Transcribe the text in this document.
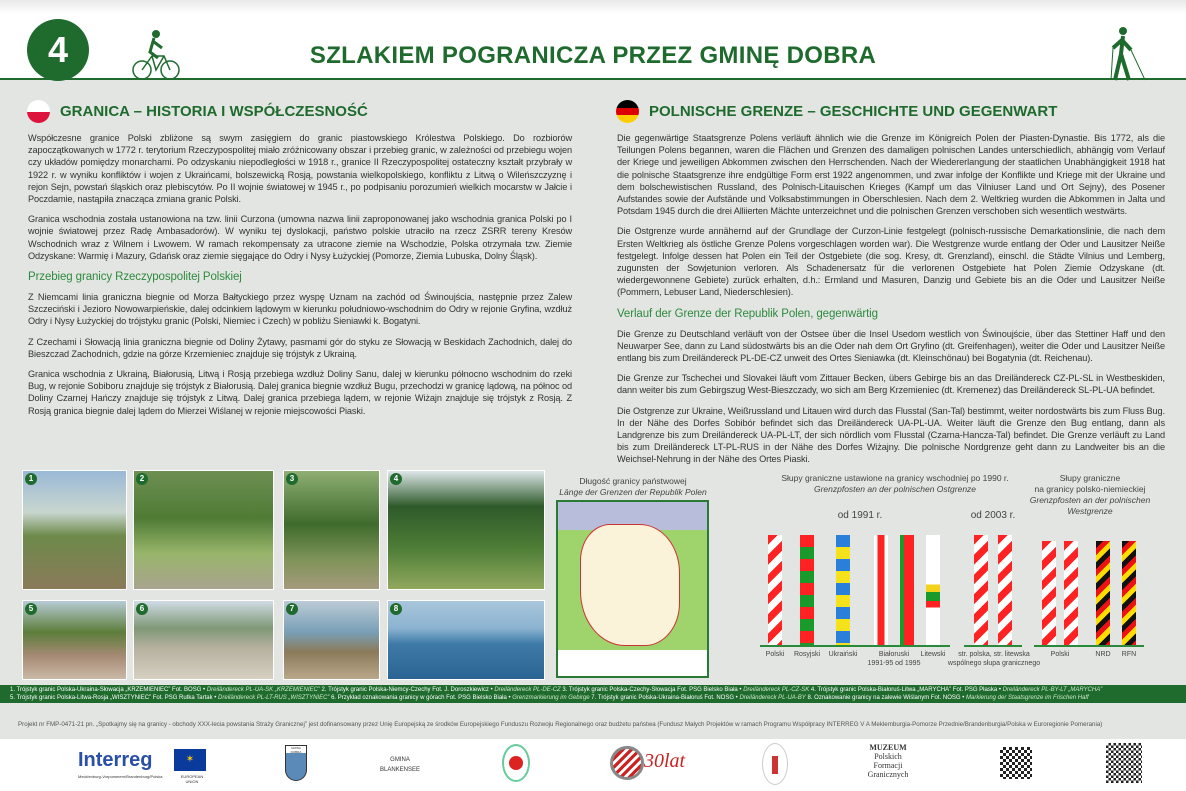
4	SZLAKIEM POGRANICZA PRZEZ GMINĘ DOBRA
GRANICA – HISTORIA I WSPÓŁCZESNOŚĆ	POLNISCHE GRENZE – GESCHICHTE UND GEGENWART

Współczesne granice Polski zbliżone są swym zasięgiem do granic piastowskiego Królestwa Polskiego. Do rozbiorów zapoczątkowanych w 1772 r. terytorium Rzeczypospolitej miało zróżnicowany obszar i przebieg granic, w zależności od przebiegu wojen czy układów pomiędzy monarchami. Po odzyskaniu niepodległości w 1918 r., granice II Rzeczypospolitej ostateczny kształt przybrały w 1922 r. w wyniku konfliktów i wojen z Ukraińcami, bolszewicką Rosją, powstania wielkopolskiego, konfliktu z Litwą o Wileńszczyznę i rejon Sejn, powstań śląskich oraz plebiscytów. Po II wojnie światowej w 1945 r., po podpisaniu porozumień wielkich mocarstw w Jałcie i Poczdamie, nastąpiła znacząca zmiana granic Polski.

Granica wschodnia została ustanowiona na tzw. linii Curzona (umowna nazwa linii zaproponowanej jako wschodnia granica Polski po I wojnie światowej przez Radę Ambasadorów). W wyniku tej dyslokacji, państwo polskie utraciło na rzecz ZSRR tereny Kresów Wschodnich wraz z Wilnem i Lwowem. W ramach rekompensaty za utracone ziemie na Wschodzie, Polska otrzymała tzw. Ziemie Odzyskane: Warmię i Mazury, Gdańsk oraz ziemie sięgające do Odry i Nysy Łużyckiej (Pomorze, Ziemia Lubuska, Dolny Śląsk).

Przebieg granicy Rzeczypospolitej Polskiej

Z Niemcami linia graniczna biegnie od Morza Bałtyckiego przez wyspę Uznam na zachód od Świnoujścia, następnie przez Zalew Szczeciński i Jezioro Nowowarpieńskie, dalej odcinkiem lądowym w kierunku południowo-wschodnim do Odry w rejonie Gryfina, wzdłuż Odry i Nysy Łużyckiej do trójstyku granic (Polski, Niemiec i Czech) w pobliżu Sieniawki k. Bogatyni.

Z Czechami i Słowacją linia graniczna biegnie od Doliny Żytawy, pasmami gór do styku ze Słowacją w Beskidach Zachodnich, dalej do Bieszczad Zachodnich, gdzie na górze Krzemieniec znajduje się trójstyk z Ukrainą.

Granica wschodnia z Ukrainą, Białorusią, Litwą i Rosją przebiega wzdłuż Doliny Sanu, dalej w kierunku północno wschodnim do rzeki Bug, w rejonie Sobiboru znajduje się trójstyk z Białorusią. Dalej granica biegnie wzdłuż Bugu, przechodzi w granicę lądową, na północ od Doliny Czarnej Hańczy znajduje się trójstyk z Litwą. Dalej granica przebiega lądem, w rejonie Wiżajn znajduje się trójstyk z Rosją. Z Rosją granica biegnie dalej lądem do Mierzei Wiślanej w rejonie miejscowości Piaski.

Die gegenwärtige Staatsgrenze Polens verläuft ähnlich wie die Grenze im Königreich Polen der Piasten-Dynastie. Bis 1772, als die Teilungen Polens begannen, waren die Flächen und Grenzen des damaligen polnischen Landes unterschiedlich, abhängig vom Verlauf der Kriege und jeweiligen Abkommen zwischen den Herrschenden. Nach der Wiedererlangung der staatlichen Unabhängigkeit 1918 hat die polnische Staatsgrenze ihre endgültige Form erst 1922 angenommen, und zwar infolge der Konflikte und Kriege mit der Ukraine und dem bolschewistischen Russland, des Polnisch-Litauischen Krieges (Kampf um das Vilniuser Land und Ort Sejny), des Posener Aufstandes sowie der Aufstände und Volksabstimmungen in Oberschlesien. Nach dem 2. Weltkrieg wurden die Abkommen in Jalta und Potsdam 1945 durch die drei Alliierten Mächte unterzeichnet und die polnischen Grenzen verschoben sich wesentlich westwärts.

Die Ostgrenze wurde annähernd auf der Grundlage der Curzon-Linie festgelegt (polnisch-russische Demarkationslinie, die nach dem Ersten Weltkrieg als östliche Grenze Polens vorgeschlagen worden war). Die Westgrenze wurde entlang der Oder und Lausitzer Neiße festgelegt. Infolge dessen hat Polen ein Teil der Ostgebiete (die sog. Kresy, dt. Grenzland), einschl. die Städte Vilnius und Lemberg, zugunsten der Sowjetunion verloren. Als Schadenersatz für die verlorenen Ostgebiete hat Polen Ziemie Odzyskane (dt. wiedergewonnene Gebiete) zurück erhalten, d.h.: Ermland und Masuren, Danzig und Gebiete bis an die Oder und Lausitzer Neiße (Pommern, Lebuser Land, Niederschlesien).

Verlauf der Grenze der Republik Polen, gegenwärtig

Die Grenze zu Deutschland verläuft von der Ostsee über die Insel Usedom westlich von Świnoujście, über das Stettiner Haff und den Neuwarper See, dann zu Land südostwärts bis an die Oder nah dem Ort Gryfino (dt. Greifenhagen), weiter die Oder und Lausitzer Neiße entlang bis zum Dreiländereck PL-DE-CZ unweit des Ortes Sieniawka (dt. Kleinschönau) bei Bogatynia (dt. Reichenau).

Die Grenze zur Tschechei und Slovakei läuft vom Zittauer Becken, übers Gebirge bis an das Dreiländereck CZ-PL-SL in Westbeskiden, dann weiter bis zum Gebirgszug West-Bieszczady, wo sich am Berg Krzemieniec (dt. Kremenez) das Dreiländereck SL-PL-UA befindet.

Die Ostgrenze zur Ukraine, Weißrussland und Litauen wird durch das Flusstal (San-Tal) bestimmt, weiter nordostwärts bis zum Fluss Bug. In der Nähe des Dorfes Sobibór befindet sich das Dreiländereck UA-PL-UA. Weiter läuft die Grenze den Bug entlang, dann als Landgrenze bis zum Dreiländereck UA-PL-LT, der sich nördlich vom Flusstal (Czarna-Hancza-Tal) befindet. Die Grenze verläuft zu Land bis zum Dreiländereck LT-PL-RUS in der Nähe des Dorfes Wiżajny. Die polnische Nordgrenze geht dann zu Landweiter bis an die Weichsel-Nehrung in der Nähe des Ortes Piaski.

1	2	3	4
5	6	7	8
Długość granicy państwowej
Länge der Grenzen der Republik Polen
Słupy graniczne ustawione na granicy wschodniej po 1990 r.
Grenzpfosten an der polnischen Ostgrenze
Słupy graniczne
na granicy polsko-niemieckiej
Grenzpfosten an der polnischen Westgrenze
od 1991 r.	od 2003 r.
Polski Rosyjski Ukraiński	Białoruski
1991-95 od 1995
Litewski	str. polska, str. litewska
wspólnego słupa granicznego
Polski	NRD RFN
1. Trójstyk granic Polska-Ukraina-Słowacja „KRZEMIENIEC” Fot. BOSG • Dreiländereck PL-UA-SK „KRZEMIENIEC” 2. Trójstyk granic Polska-Niemcy-Czechy Fot. J. Doroszkiewicz • Dreiländereck PL-DE-CZ 3. Trójstyk granic Polska-Czechy-Słowacja Fot. PSG Bielsko Biała • Dreiländereck PL-CZ-SK 4. Trójstyk granic Polska-Białoruś-Litwa „MARYCHA” Fot. PSG Płaska • Dreiländereck PL-BY-LT „MARYCHA”
5. Trójstyk granic Polska-Litwa-Rosja „WISZTYNIEC” Fot. PSG Rutka Tartak • Dreiländereck PL-LT-RUS „WISZTYNIEC” 6. Przykład oznakowania granicy w górach Fot. PSG Bielsko Biała • Grenzmarkierung im Gebirge 7. Trójstyk granic Polska-Ukraina-Białoruś Fot. NOSG • Dreiländereck PL-UA-BY 8. Oznakowanie granicy na zalewie Wiślanym Fot. NOSG • Markierung der Staatsgrenze im Frischen Haff
Projekt nr FMP-0471-21 pn. „Spotkajmy się na granicy - obchody XXX-lecia powstania Straży Granicznej” jest dofinansowany przez Unię Europejską ze środków Europejskiego Funduszu Rozwoju Regionalnego oraz budżetu państwa (Fundusz Małych Projektów w ramach Programu Współpracy INTERREG V A Meklemburgia-Pomorze Przednie/Brandenburgia/Polska w Euroregionie Pomerania)
Interreg
Mecklenburg-Vorpommern/Brandenburg/Polska
✶
EUROPEAN UNION
GMINA DOBRA
GMINA
BLANKENSEE	30lat
MUZEUM
Polskich
Formacji
Granicznych
